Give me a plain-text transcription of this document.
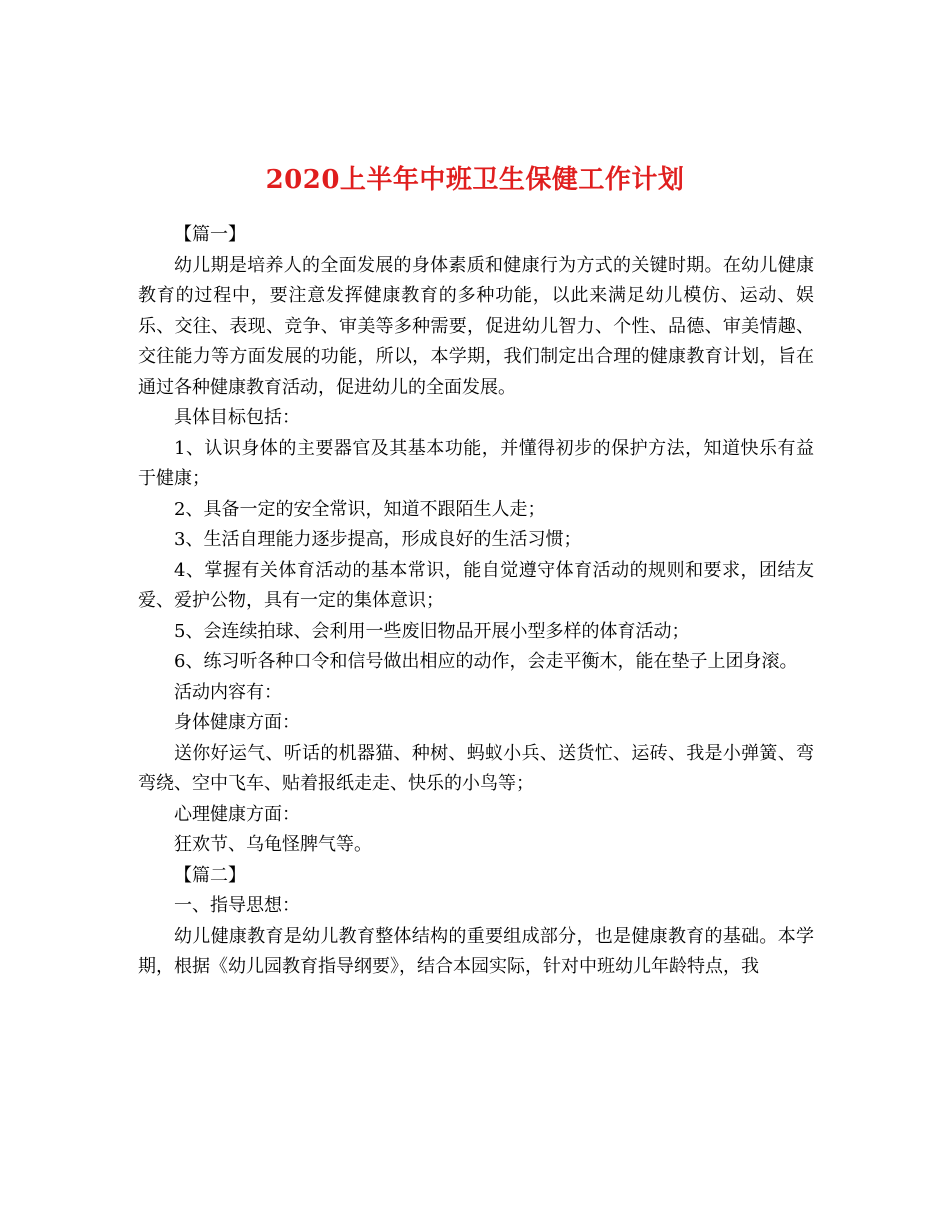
2020上半年中班卫生保健工作计划

【篇一】

幼儿期是培养人的全面发展的身体素质和健康行为方式的关键时期。在幼儿健康教育的过程中，要注意发挥健康教育的多种功能，以此来满足幼儿模仿、运动、娱乐、交往、表现、竞争、审美等多种需要，促进幼儿智力、个性、品德、审美情趣、交往能力等方面发展的功能，所以，本学期，我们制定出合理的健康教育计划，旨在通过各种健康教育活动，促进幼儿的全面发展。

具体目标包括：

1、认识身体的主要器官及其基本功能，并懂得初步的保护方法，知道快乐有益于健康；

2、具备一定的安全常识，知道不跟陌生人走；

3、生活自理能力逐步提高，形成良好的生活习惯；

4、掌握有关体育活动的基本常识，能自觉遵守体育活动的规则和要求，团结友爱、爱护公物，具有一定的集体意识；

5、会连续拍球、会利用一些废旧物品开展小型多样的体育活动；

6、练习听各种口令和信号做出相应的动作，会走平衡木，能在垫子上团身滚。

活动内容有：

身体健康方面：

送你好运气、听话的机器猫、种树、蚂蚁小兵、送货忙、运砖、我是小弹簧、弯弯绕、空中飞车、贴着报纸走走、快乐的小鸟等；

心理健康方面：

狂欢节、乌龟怪脾气等。

【篇二】

一、指导思想：

幼儿健康教育是幼儿教育整体结构的重要组成部分，也是健康教育的基础。本学期，根据《幼儿园教育指导纲要》，结合本园实际，针对中班幼儿年龄特点，我
